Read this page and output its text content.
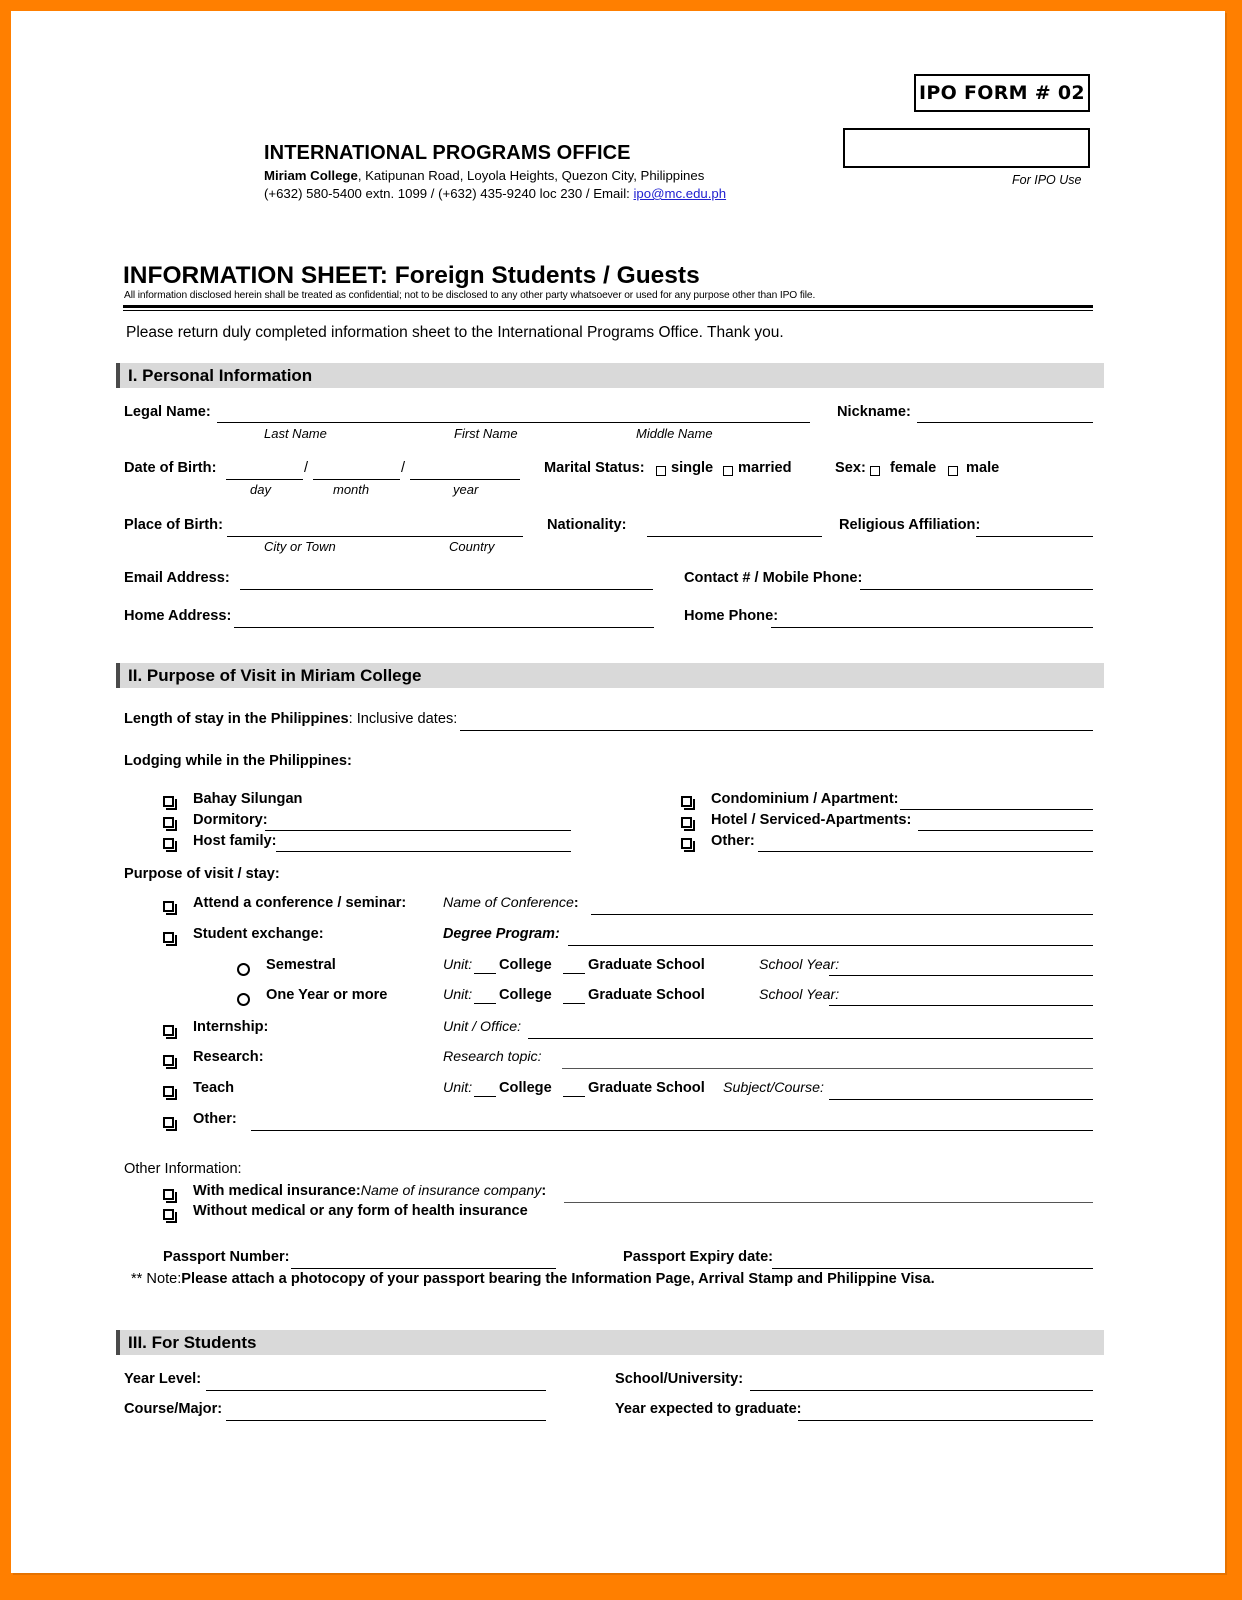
IPO FORM # 02
For IPO Use
INTERNATIONAL PROGRAMS OFFICE
Miriam College, Katipunan Road, Loyola Heights, Quezon City, Philippines
(+632) 580-5400 extn. 1099 / (+632) 435-9240 loc 230 / Email: ipo@mc.edu.ph
INFORMATION SHEET: Foreign Students / Guests
All information disclosed herein shall be treated as confidential; not to be disclosed to any other party whatsoever or used for any purpose other than IPO file.
Please return duly completed information sheet to the International Programs Office. Thank you.
I. Personal Information
Legal Name:
Last Name	First Name	Middle Name
Nickname:
Date of Birth:	/	/
day	month	year
Marital Status: single married	Sex: female male
Place of Birth:
City or Town	Country
Nationality:	Religious Affiliation:
Email Address:	Contact # / Mobile Phone:
Home Address:	Home Phone:
II. Purpose of Visit in Miriam College
Length of stay in the Philippines: Inclusive dates:
Lodging while in the Philippines:
Bahay Silungan
Dormitory:
Host family:
Condominium / Apartment:
Hotel / Serviced-Apartments:
Other:
Purpose of visit / stay:
Attend a conference / seminar:	Name of Conference:
Student exchange:	Degree Program:
Semestral	Unit: College Graduate School	School Year:
One Year or more	Unit: College Graduate School	School Year:
Internship:	Unit / Office:
Research:	Research topic:
Teach	Unit: College Graduate School Subject/Course:
Other:
Other Information:
With medical insurance:Name of insurance company:
Without medical or any form of health insurance
Passport Number:	Passport Expiry date:
** Note:Please attach a photocopy of your passport bearing the Information Page, Arrival Stamp and Philippine Visa.
III. For Students
Year Level:	School/University:
Course/Major:	Year expected to graduate:
